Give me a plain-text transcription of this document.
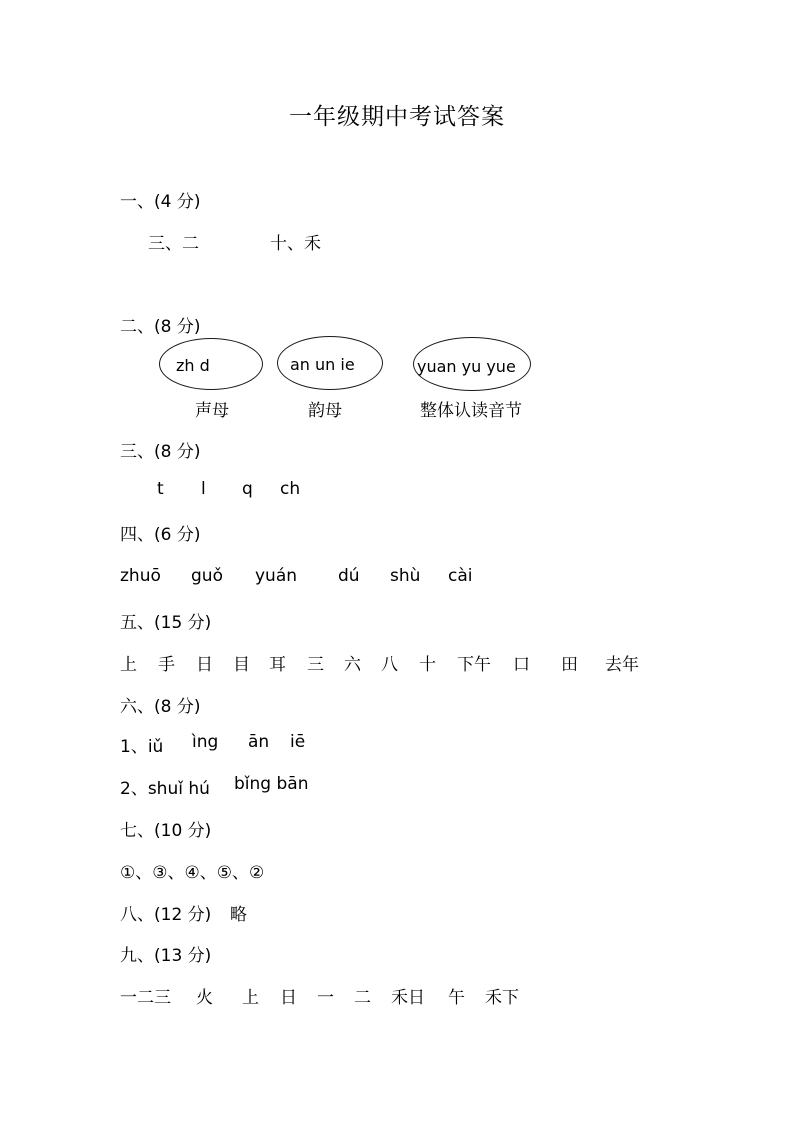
一年级期中考试答案
一、(4 分)
三、二	十、禾
二、(8 分)
zh d	an un ie	yuan yu yue
声母	韵母	整体认读音节
三、(8 分)
t l q ch
四、(6 分)
zhuō guǒ yuán dú shù cài
五、(15 分)
上 手 日 目 耳 三 六 八 十 下午 口 田 去年
六、(8 分)
1、iǔ ìng ān iē
2、shuǐ hú bǐng bān
七、(10 分)
①、③、④、⑤、②
八、(12 分) 略
九、(13 分)
一二三 火 上 日 一 二 禾日 午 禾下
